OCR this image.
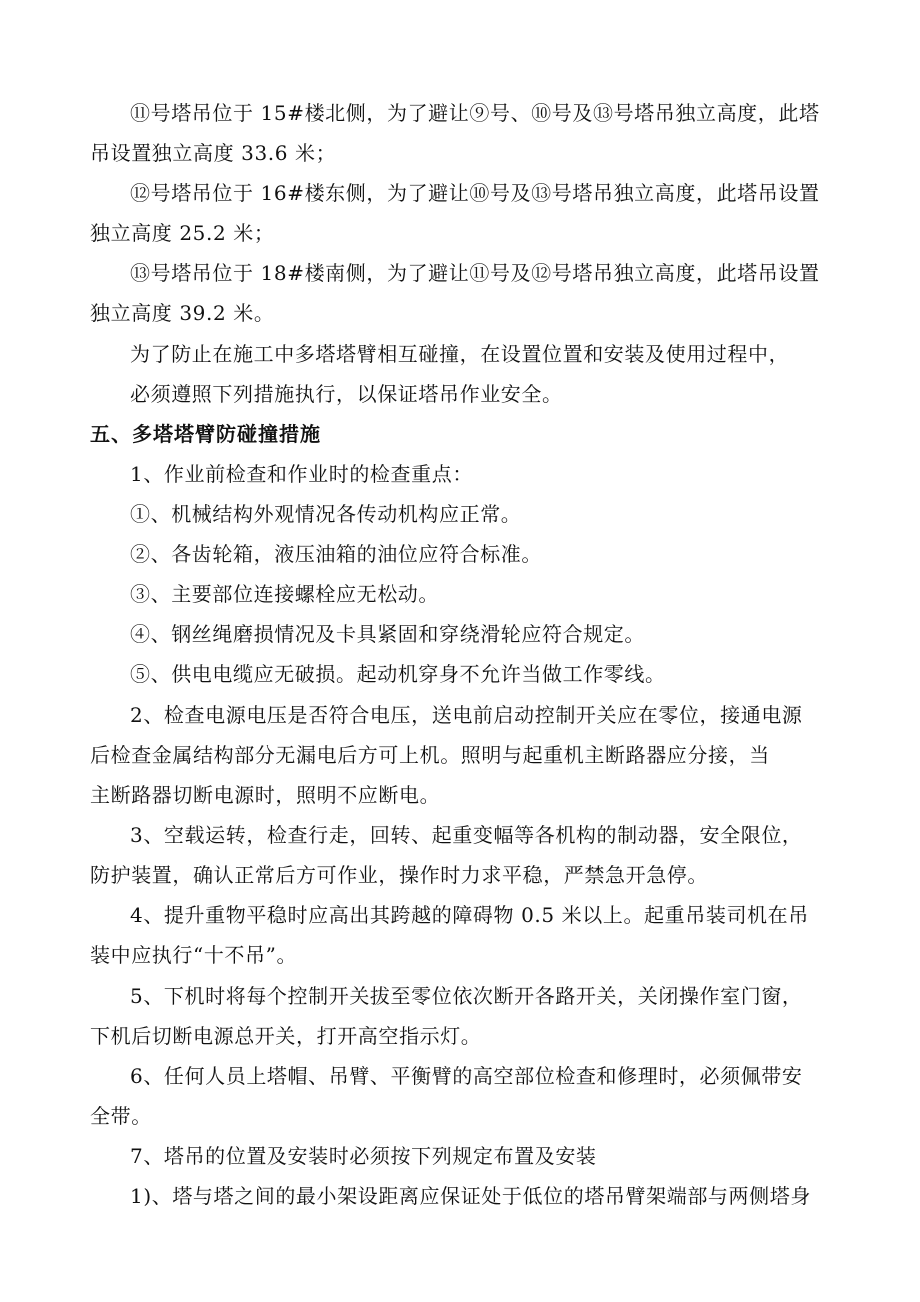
⑪号塔吊位于 15#楼北侧，为了避让⑨号、⑩号及⑬号塔吊独立高度，此塔
吊设置独立高度 33.6 米；
⑫号塔吊位于 16#楼东侧，为了避让⑩号及⑬号塔吊独立高度，此塔吊设置
独立高度 25.2 米；
⑬号塔吊位于 18#楼南侧，为了避让⑪号及⑫号塔吊独立高度，此塔吊设置
独立高度 39.2 米。
为了防止在施工中多塔塔臂相互碰撞，在设置位置和安装及使用过程中，
必须遵照下列措施执行，以保证塔吊作业安全。
五、多塔塔臂防碰撞措施
1、作业前检查和作业时的检查重点：
①、机械结构外观情况各传动机构应正常。
②、各齿轮箱，液压油箱的油位应符合标准。
③、主要部位连接螺栓应无松动。
④、钢丝绳磨损情况及卡具紧固和穿绕滑轮应符合规定。
⑤、供电电缆应无破损。起动机穿身不允许当做工作零线。
2、检查电源电压是否符合电压，送电前启动控制开关应在零位，接通电源
后检查金属结构部分无漏电后方可上机。照明与起重机主断路器应分接，当
主断路器切断电源时，照明不应断电。
3、空载运转，检查行走，回转、起重变幅等各机构的制动器，安全限位，
防护装置，确认正常后方可作业，操作时力求平稳，严禁急开急停。
4、提升重物平稳时应高出其跨越的障碍物 0.5 米以上。起重吊装司机在吊
装中应执行“十不吊”。
5、下机时将每个控制开关拔至零位依次断开各路开关，关闭操作室门窗，
下机后切断电源总开关，打开高空指示灯。
6、任何人员上塔帽、吊臂、平衡臂的高空部位检查和修理时，必须佩带安
全带。
7、塔吊的位置及安装时必须按下列规定布置及安装
1)、塔与塔之间的最小架设距离应保证处于低位的塔吊臂架端部与两侧塔身
